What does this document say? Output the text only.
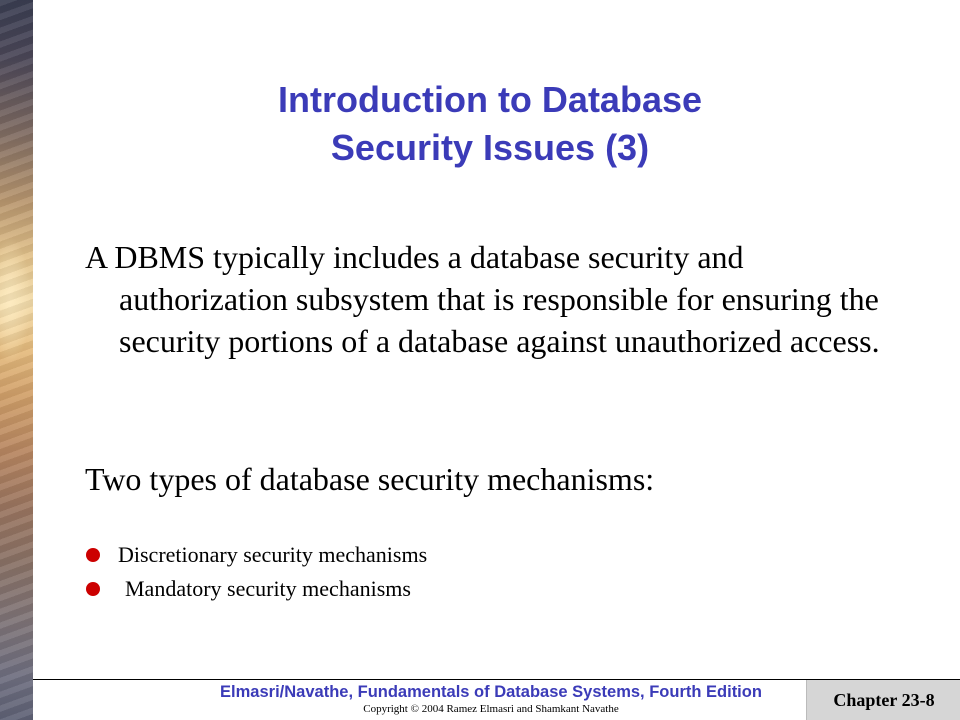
Introduction to Database
Security Issues (3)

A DBMS typically includes a database security and authorization subsystem that is responsible for ensuring the security portions of a database against unauthorized access.

Two types of database security mechanisms:

Discretionary security mechanisms
Mandatory security mechanisms
Elmasri/Navathe, Fundamentals of Database Systems, Fourth Edition
Copyright © 2004 Ramez Elmasri and Shamkant Navathe	Chapter 23-8
